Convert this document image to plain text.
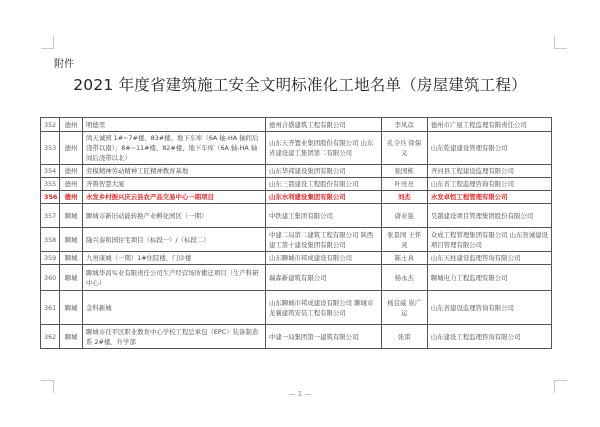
附件
2021 年度省建筑施工安全文明标准化工地名单（房屋建筑工程）
352	德州	明德里	德州合盛建筑工程有限公司	李凤彦	德州市广厦工程监理有限责任公司
353	德州	尚天诚园 1#~7#楼、83#楼、地下车库（6A 轴-HA 轴间后浇带以南）；8#~11#楼、82#楼、地下车库（6A 轴-HA 轴间后浇带以北）	山东天齐置业集团股份有限公司 山东省建设建工集团第二有限公司	孔令兵 徐保义	山东乾建建设管理有限公司
354	德州	劳模精神劳动精神工匠精神教育基地	山东华邦建设集团有限公司	张国栋	齐河县工程建设监理有限公司
355	德州	齐鲁智慧大厦	山东三箭建设工程股份有限公司	叶亮亮	山东省工程监理咨询有限公司
356	德州	水发乡村振兴庆云县农产品交易中心一期项目	山东水利建设集团有限公司	刘杰	水发卓恒工程管理有限公司
357	聊城	聊城市新旧动能转换产业孵化园区（一期）	中铁建工集团有限公司	唐业强	昊越建设项目管理集团股份有限公司
358	聊城	隆兴泰和园住宅项目（标段一）/（标段二）	中建二局第二建筑工程有限公司 陕西建工第十建设集团有限公司	张景国 王怀灵	众成工程管理集团有限公司 山东智诚建设项目管理有限公司
359	聊城	九州康城（一期）1#住院楼、门诊楼	山东聊城市邦成建设有限公司	陈士真	山东天柱建设监理咨询有限公司
360	聊城	聊城华昌实业有限责任公司生产经营场所搬迁项目（生产科研中心）	瑞森新建筑有限公司	杨永杰	聊城电力工程监理有限公司
361	聊城	金科新城	山东聊城市邦成建设有限公司 聊城市龙襄建筑安装工程有限公司	杨宜威 崔广运	山东省建设监理咨询有限公司
362	聊城	聊城市茌平区职业教育中心学校工程总承包（EPC）装备制造系 2#楼、升学部	中建一局集团第一建筑有限公司	张雷	山东建设工程监理咨询有限公司
— 1 —
